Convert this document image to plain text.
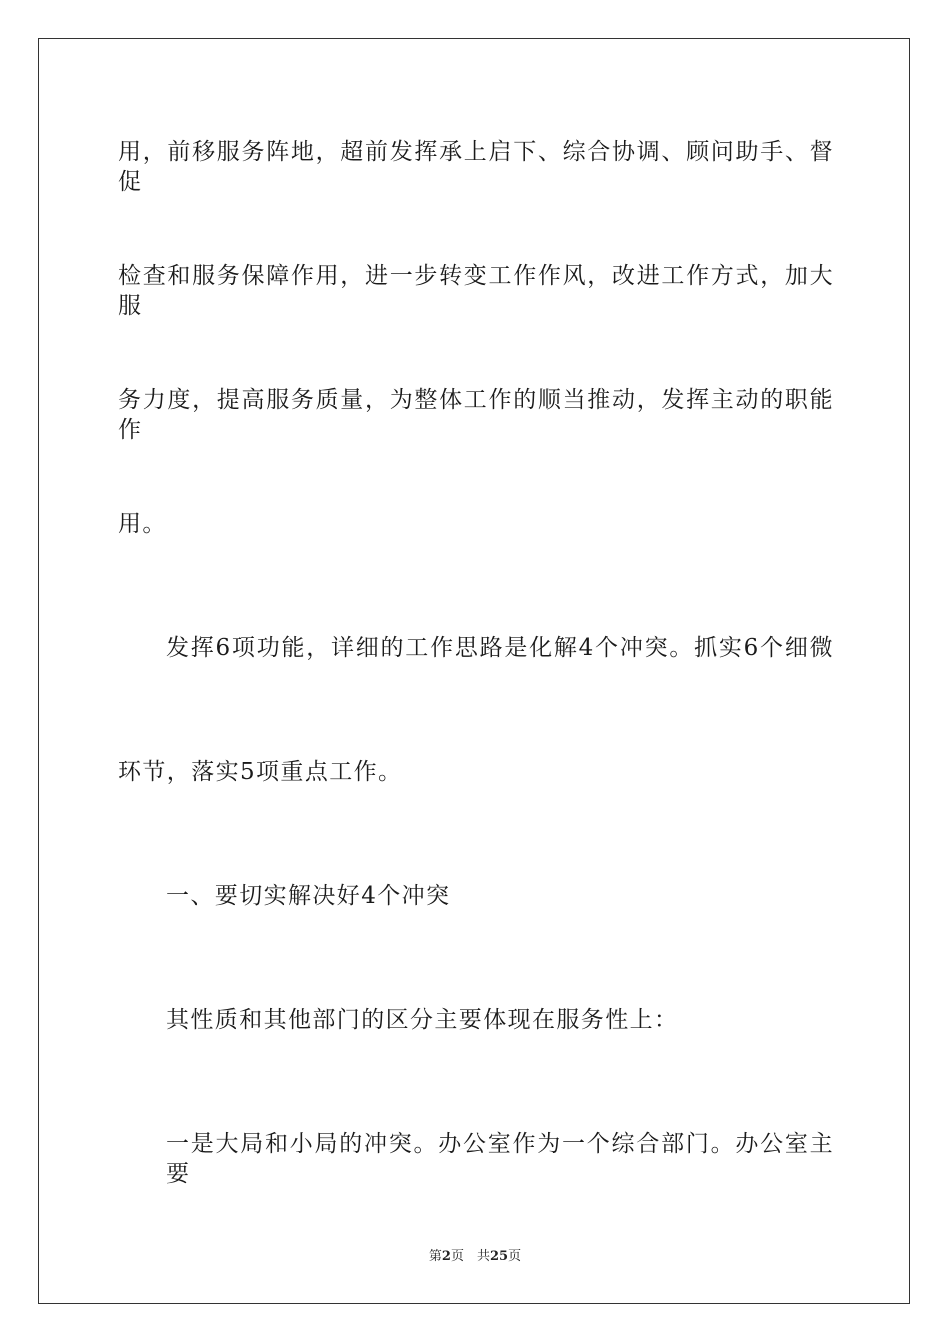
用，前移服务阵地，超前发挥承上启下、综合协调、顾问助手、督促
检查和服务保障作用，进一步转变工作作风，改进工作方式，加大服
务力度，提高服务质量，为整体工作的顺当推动，发挥主动的职能作
用。
发挥6项功能，详细的工作思路是化解4个冲突。抓实6个细微
环节，落实5项重点工作。
一、要切实解决好4个冲突
其性质和其他部门的区分主要体现在服务性上：
一是大局和小局的冲突。办公室作为一个综合部门。办公室主要
第2页　共25页
